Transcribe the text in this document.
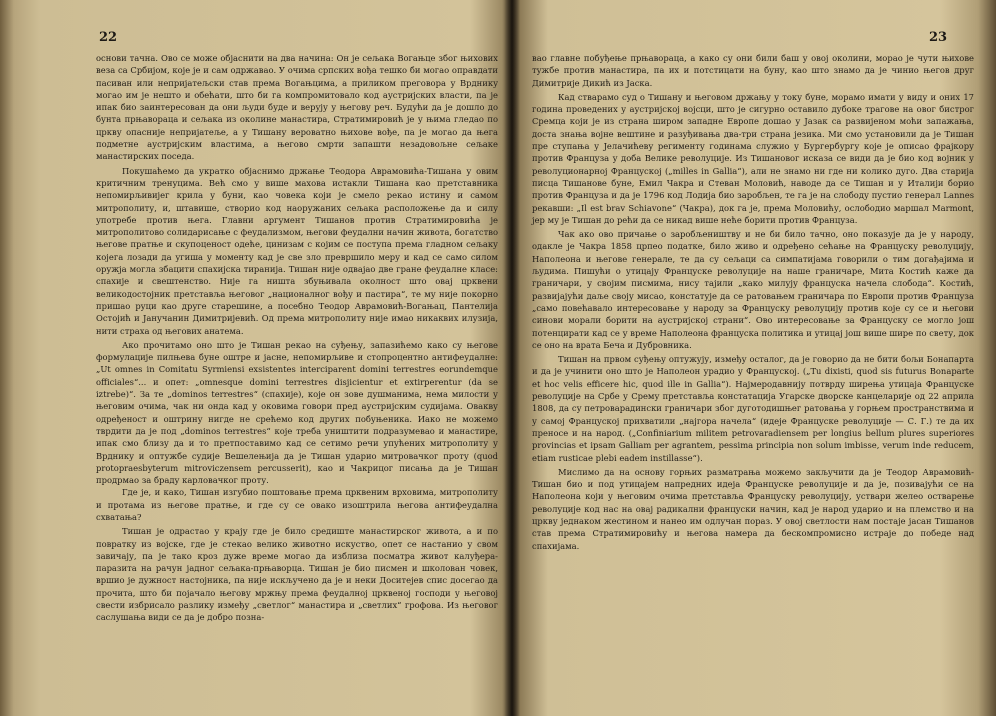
22

основи тачна. Ово се може објаснити на два начина: Он је сељака Вогањце због њихових веза са Србијом, које је и сам одржавао. У очима српских вођа тешко би могао оправдати пасиван или непријатељски став према Вогањцима, а приликом преговора у Врднику могао им је нешто и обећати, што би га компромитовало код аустријских власти, па је ипак био заинтересован да они људи буде и верују у његову реч. Будући да је дошло до бунта прњавораца и сељака из околине манастира, Стратимировић је у њима гледао по цркву опасније непријатеље, а у Тишану вероватно њихове вође, па је могао да њега подметне аустријским властима, а његово смрти запашти незадовољне сељаке манастирских поседа.

Покушаћемо да укратко објаснимо држање Теодора Аврамовића-Тишана у овим критичним тренуцима. Већ смо у више махова истакли Тишана као претставника непомирљивијег крила у буни, као човека који је смело рекао истину и самом митрополиту, и, штавише, створио код наоружаних сељака расположење да и силу употребе против њега. Главни аргумент Тишанов против Стратимировића је митрополитово солидарисање с феудализмом, његови феудални начин живота, богатство његове пратње и скупоценост одеће, цинизам с којим се поступа према гладном сељаку којега лозади да угиша у моменту кад је све зло превршило меру и кад се само силом оружја могла збацити спахијска тиранија. Тишан није одвајао две гране феудалне класе: спахије и свештенство. Није га ништа збуњивала околност што овај црквени великодостојник претставља његовог „националног вођу и пастира“, те му није покорно пришао руци као друге старешине, а посебно Теодор Аврамовић-Вогањац, Пантелија Остојић и Јанучанин Димитријевић. Од према митрополиту није имао никаквих илузија, нити страха од његових анатема.

Ако прочитамо оно што је Тишан рекао на суђењу, запазићемо како су његове формулације пилњева буне оштре и јасне, непомирљиве и стопроцентно антифеудалне: „Ut omnes in Comitatu Syrmiensi exsistentes interciparent domini terrestres eorundemque officiales“... и опет: „omnesque domini terrestres disjicientur et extirperentur (da se iztrebe)“. За те „dominos terrestres“ (спахије), које он зове душманима, нема милости у његовим очима, чак ни онда кад у оковима говори пред аустријским судијама. Овакву одређеност и оштрину нигде не срећемо код других побуњеника. Иако не можемо тврдити да је под „dominos terrestres“ које треба уништити подразумевао и манастире, ипак смо близу да и то претпоставимо кад се сетимо речи упућених митрополиту у Врднику и оптужбе судије Вешелењија да је Тишан ударио митровачког проту (quod protopraesbyterum mitroviczensem percusserit), као и Чакрицог писања да је Тишан продрмао за браду карловачког проту.

Где је, и како, Тишан изгубио поштовање према црквеним врховима, митрополиту и протама из његове пратње, и где су се овако изоштрила његова антифеудална схватања?

Тишан је одрастао у крају где је било средиште манастирског живота, а и по повратку из војске, где је стекао велико животно искуство, опет се настанио у свом завичају, па је тако кроз дуже време могао да изблиза посматра живот калуђера-паразита на рачун јадног сељака-прњаворца. Тишан је био писмен и школован човек, вршио је дужност настојника, па није искључено да је и неки Доситејев спис досегао да прочита, што би појачало његову мржњу према феудалној црквеној господи у његовој свести избрисало разлику између „светлог“ манастира и „светлих“ грофова. Из његовог саслушања види се да је добро позна-

23

вао главне побуђење прњавораца, а како су они били баш у овој околини, морао је чути њихове тужбе против манастира, па их и потстицати на буну, као што знамо да је чинио његов друг Димитрије Дикић из Јаска.

Кад стварамо суд о Тишану и његовом држању у току буне, морамо имати у виду и оних 17 година проведених у аустријској војсци, што је сигурно оставило дубоке трагове на овог бистрог Сремца који је из страна широм западне Европе дошао у Јазак са развијеном моћи запажања, доста знања војне вештине и разуђивања два-три страна језика. Ми смо установили да је Тишан пре ступања у Јелачићеву регименту годинама служио у Бургербургу које је описао фрајкору против Француза у доба Велике револуције. Из Тишановог исказа се види да је био код војник у револуционарној Француској („milles in Gallia“), али не знамо ни где ни колико дуго. Два старија писца Тишанове буне, Емил Чакра и Стеван Моловић, наводе да се Тишан и у Италији борио против Француза и да је 1796 код Лодија био заробљен, те га је на слободу пустио генерал Lannes рекавши: „Il est brav Schiavone“ (Чакра), док га је, према Моловићу, ослободио маршал Marmont, јер му је Тишан до рећи да се никад више неће борити против Француза.

Чак ако ово причање о заробљеништву и не би било тачно, оно показује да је у народу, одакле је Чакра 1858 црпео податке, било живо и одређено сећање на Француску револуцију, Наполеона и његове генерале, те да су сељаци са симпатијама говорили о тим догађајима и људима. Пишући о утицају Француске револуције на наше граничаре, Мита Костић каже да граничари, у својим писмима, нису тајили „како милују француска начела слобода“. Костић, развијајући даље своју мисао, констатује да се ратовањем граничара по Европи против Француза „само повећавало интересовање у народу за Француску револуцију против које су се и његови синови морали борити на аустријској страни“. Ово интересовање за Француску се могло још потенцирати кад се у време Наполеона француска политика и утицај још више шире по свету, док се оно на врата Беча и Дубровника.

Тишан на првом суђењу оптужују, између осталог, да је говорио да не бити бољи Бонапарта и да је учинити оно што је Наполеон урадио у Француској. („Tu dixisti, quod sis futurus Bonaparte et hoc velis efficere hic, quod ille in Gallia“). Најмеродавнију потврду ширења утицаја Француске револуције на Србе у Срему претставља констатација Угарске дворске канцеларије од 22 априла 1808, да су петроварадински граничари због дуготодишњег ратовања у горњем пространствима и у самој Француској прихватили „најгора начела“ (идеје Француске револуције — С. Г.) те да их преносе и на народ. („Confiniarium militem petrovaradiensem per longius bellum plures superiores provincias et ipsam Galliam per agrantem, pessima principia non solum imbisse, verum inde reducem, etiam rusticae plebi eadem instillasse“).

Мислимо да на основу горњих разматрања можемо закључити да је Теодор Аврамовић-Тишан био и под утицајем напредних идеја Француске револуције и да је, позивајући се на Наполеона који у његовим очима претставља Француску револуцију, уствари желео остварење револуције код нас на овај радикални француски начин, кад је народ ударио и на племство и на цркву једнаком жестином и нанео им одлучан пораз. У овој светлости нам постаје јасан Тишанов став према Стратимировићу и његова намера да бескомпромисно истраје до победе над спахијама.
